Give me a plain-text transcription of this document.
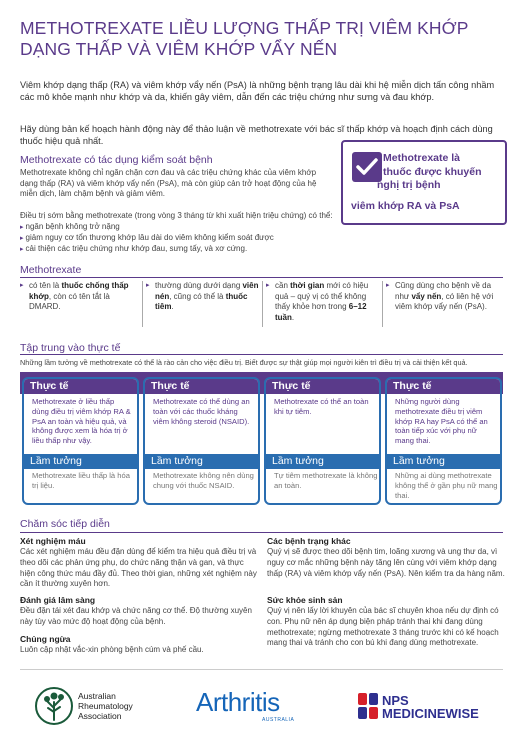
METHOTREXATE LIỀU LƯỢNG THẤP TRỊ VIÊM KHỚP
DẠNG THẤP VÀ VIÊM KHỚP VẨY NẾN

Viêm khớp dạng thấp (RA) và viêm khớp vẩy nến (PsA) là những bệnh trạng lâu dài khi hệ miễn dịch tấn công nhầm các mô khỏe mạnh như khớp và da, khiến gây viêm, dẫn đến các triệu chứng như sưng và đau khớp.

Hãy dùng bản kế hoạch hành động này để thảo luận về methotrexate với bác sĩ thấp khớp và hoạch định cách dùng thuốc hiệu quả nhất.

Methotrexate là
thuốc được khuyến
nghị trị bệnh
viêm khớp RA và PsA
Methotrexate có tác dụng kiểm soát bệnh

Methotrexate không chỉ ngăn chặn cơn đau và các triệu chứng khác của viêm khớp dạng thấp (RA) và viêm khớp vẩy nến (PsA), mà còn giúp cản trở hoạt động của hệ miễn dịch, làm chậm bệnh và giảm viêm.

Điều trị sớm bằng methotrexate (trong vòng 3 tháng từ khi xuất hiện triệu chứng) có thể:

▸ ngăn bệnh không trở nặng
▸ giảm nguy cơ tổn thương khớp lâu dài do viêm không kiểm soát được
▸ cải thiện các triệu chứng như khớp đau, sưng tấy, và xơ cứng.
Methotrexate
▸ có tên là thuốc chống thấp khớp, còn có tên tắt là DMARD.
▸ thường dùng dưới dạng viên nén, cũng có thể là thuốc tiêm.
▸ cần thời gian mới có hiệu quả – quý vị có thể không thấy khỏe hơn trong 6–12 tuần.
▸ Cũng dùng cho bệnh về da như vẩy nến, có liên hệ với viêm khớp vẩy nến (PsA).
Tập trung vào thực tế
Những lầm tưởng về methotrexate có thể là rào cản cho việc điều trị. Biết được sự thật giúp mọi người kiên trì điều trị và cải thiện kết quả.
Thực tế
Methotrexate ở liều thấp dùng điều trị viêm khớp RA & PsA an toàn và hiệu quả, và không được xem là hóa trị ở liều thấp như vậy.
Lầm tưởng
Methotrexate liều thấp là hóa trị liệu.
Thực tế
Methotrexate có thể dùng an toàn với các thuốc kháng viêm không steroid (NSAID).
Lầm tưởng
Methotrexate không nên dùng chung với thuốc NSAID.
Thực tế
Methotrexate có thể an toàn khi tự tiêm.
Lầm tưởng
Tự tiêm methotrexate là không an toàn.
Thực tế
Những người dùng methotrexate điều trị viêm khớp RA hay PsA có thể an toàn tiếp xúc với phụ nữ mang thai.
Lầm tưởng
Những ai dùng methotrexate không thể ở gần phụ nữ mang thai.
Chăm sóc tiếp diễn
Xét nghiệm máu
Các xét nghiệm máu đều đặn dùng để kiểm tra hiệu quả điều trị và theo dõi các phản ứng phụ, do chức năng thận và gan, và thực hiện công thức máu đầy đủ. Theo thời gian, những xét nghiệm này cần ít thường xuyên hơn.
Đánh giá lâm sàng
Đều đặn tái xét đau khớp và chức năng cơ thể. Độ thường xuyên này tùy vào mức độ hoạt động của bệnh.
Chủng ngừa
Luôn cập nhật vắc-xin phòng bệnh cúm và phế cầu.
Các bệnh trạng khác
Quý vị sẽ được theo dõi bệnh tim, loãng xương và ung thư da, vì nguy cơ mắc những bệnh này tăng lên cùng với viêm khớp dạng thấp (RA) và viêm khớp vẩy nến (PsA). Nên kiểm tra da hàng năm.
Sức khỏe sinh sản
Quý vị nên lấy lời khuyên của bác sĩ chuyên khoa nếu dự định có con. Phụ nữ nên áp dụng biện pháp tránh thai khi đang dùng methotrexate; ngừng methotrexate 3 tháng trước khi có kế hoạch mang thai và tránh cho con bú khi đang dùng methotrexate.
Australian
Rheumatology
Association	Arthritis
AUSTRALIA
NPS
MEDICINEWISE
